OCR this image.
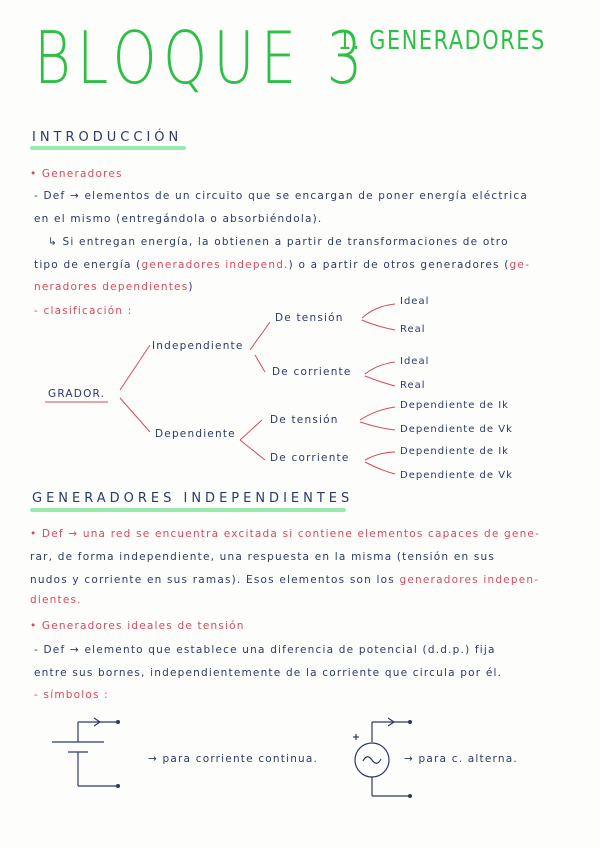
BLOQUE 3
1. GENERADORES
INTRODUCCIÓN
• Generadores
- Def → elementos de un circuito que se encargan de poner energía eléctrica
en el mismo (entregándola o absorbiéndola).
↳ Si entregan energía, la obtienen a partir de transformaciones de otro
tipo de energía (generadores independ.) o a partir de otros generadores (ge-
neradores dependientes)
- clasificación :
GRADOR.
Independiente
Dependiente
De tensión
De corriente
De tensión
De corriente
Ideal
Real
Ideal
Real
Dependiente de Ik
Dependiente de Vk
Dependiente de Ik
Dependiente de Vk
GENERADORES INDEPENDIENTES
• Def → una red se encuentra excitada si contiene elementos capaces de gene-
rar, de forma independiente, una respuesta en la misma (tensión en sus
nudos y corriente en sus ramas). Esos elementos son los generadores indepen-
dientes.
• Generadores ideales de tensión
- Def → elemento que establece una diferencia de potencial (d.d.p.) fija
entre sus bornes, independientemente de la corriente que circula por él.
- símbolos :
→ para corriente continua.	→ para c. alterna.
